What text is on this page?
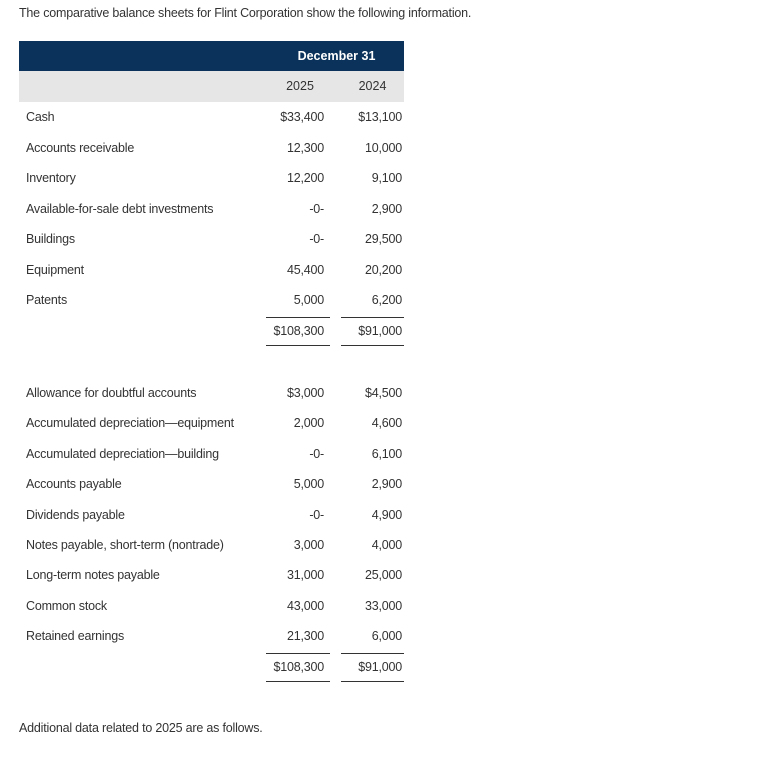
The comparative balance sheets for Flint Corporation show the following information.
December 31
2025	2024
Cash	$33,400	$13,100
Accounts receivable	12,300	10,000
Inventory	12,200	9,100
Available-for-sale debt investments	-0-	2,900
Buildings	-0-	29,500
Equipment	45,400	20,200
Patents	5,000	6,200
$108,300	$91,000
Allowance for doubtful accounts	$3,000	$4,500
Accumulated depreciation—equipment	2,000	4,600
Accumulated depreciation—building	-0-	6,100
Accounts payable	5,000	2,900
Dividends payable	-0-	4,900
Notes payable, short-term (nontrade)	3,000	4,000
Long-term notes payable	31,000	25,000
Common stock	43,000	33,000
Retained earnings	21,300	6,000
$108,300	$91,000
Additional data related to 2025 are as follows.
